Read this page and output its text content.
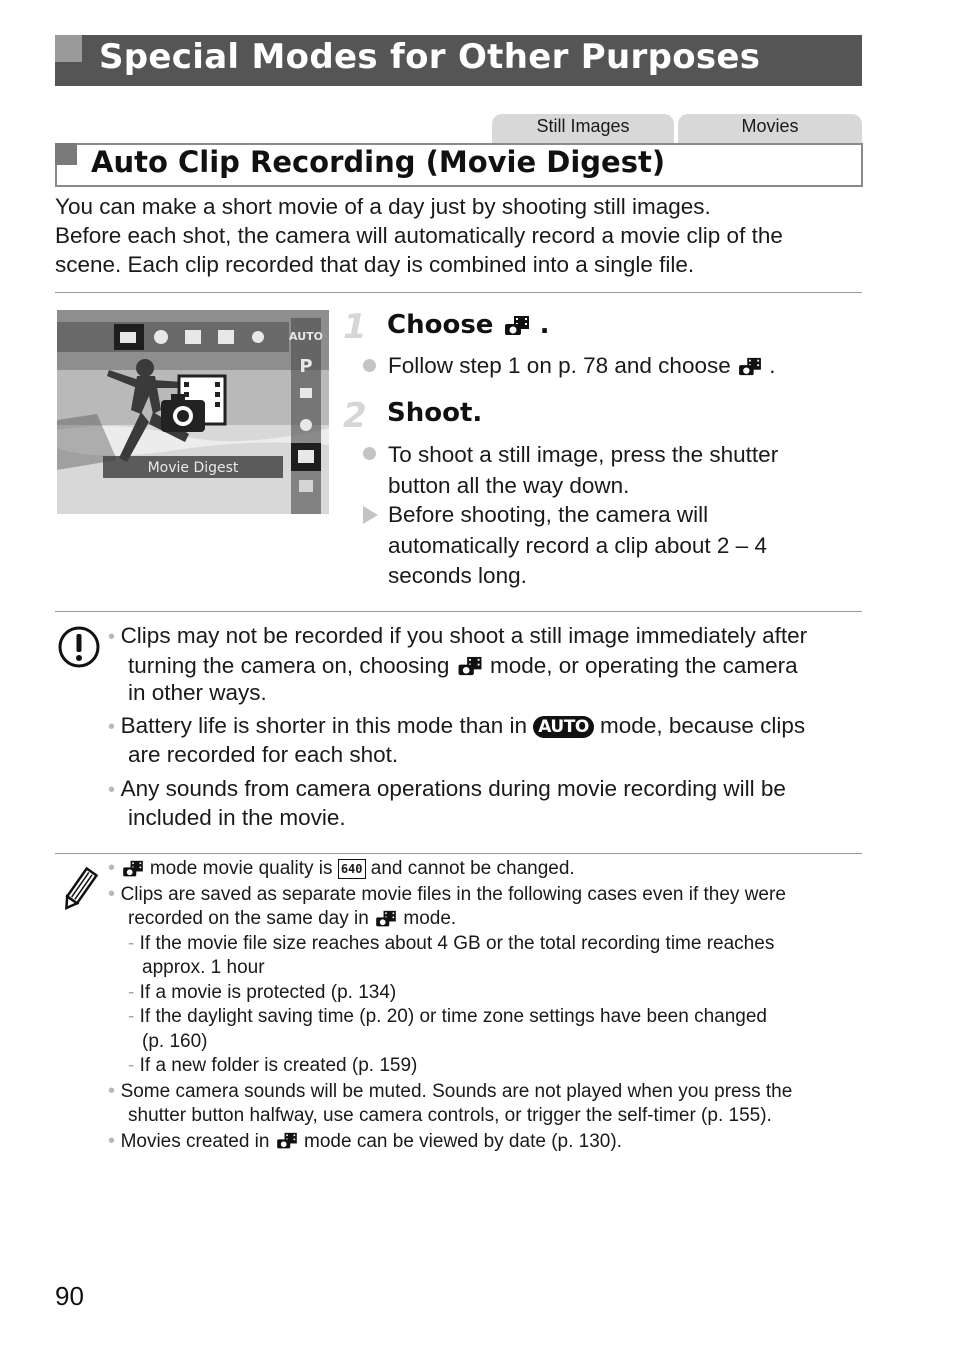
Special Modes for Other Purposes
Still Images	Movies
Auto Clip Recording (Movie Digest)

You can make a short movie of a day just by shooting still images.

Before each shot, the camera will automatically record a movie clip of the

scene. Each clip recorded that day is combined into a single file.

AUTO
P
Movie Digest
1 Choose .

Follow step 1 on p. 78 and choose .

2 Shoot.

To shoot a still image, press the shutter

button all the way down.

Before shooting, the camera will

automatically record a clip about 2 – 4

seconds long.

• Clips may not be recorded if you shoot a still image immediately after

turning the camera on, choosing mode, or operating the camera

in other ways.

• Battery life is shorter in this mode than in AUTO mode, because clips

are recorded for each shot.

• Any sounds from camera operations during movie recording will be

included in the movie.

•  mode movie quality is 640 and cannot be changed.

• Clips are saved as separate movie files in the following cases even if they were

recorded on the same day in mode.

- If the movie file size reaches about 4 GB or the total recording time reaches

approx. 1 hour

- If a movie is protected (p. 134)

- If the daylight saving time (p. 20) or time zone settings have been changed

(p. 160)

- If a new folder is created (p. 159)

• Some camera sounds will be muted. Sounds are not played when you press the

shutter button halfway, use camera controls, or trigger the self-timer (p. 155).

• Movies created in mode can be viewed by date (p. 130).

90
